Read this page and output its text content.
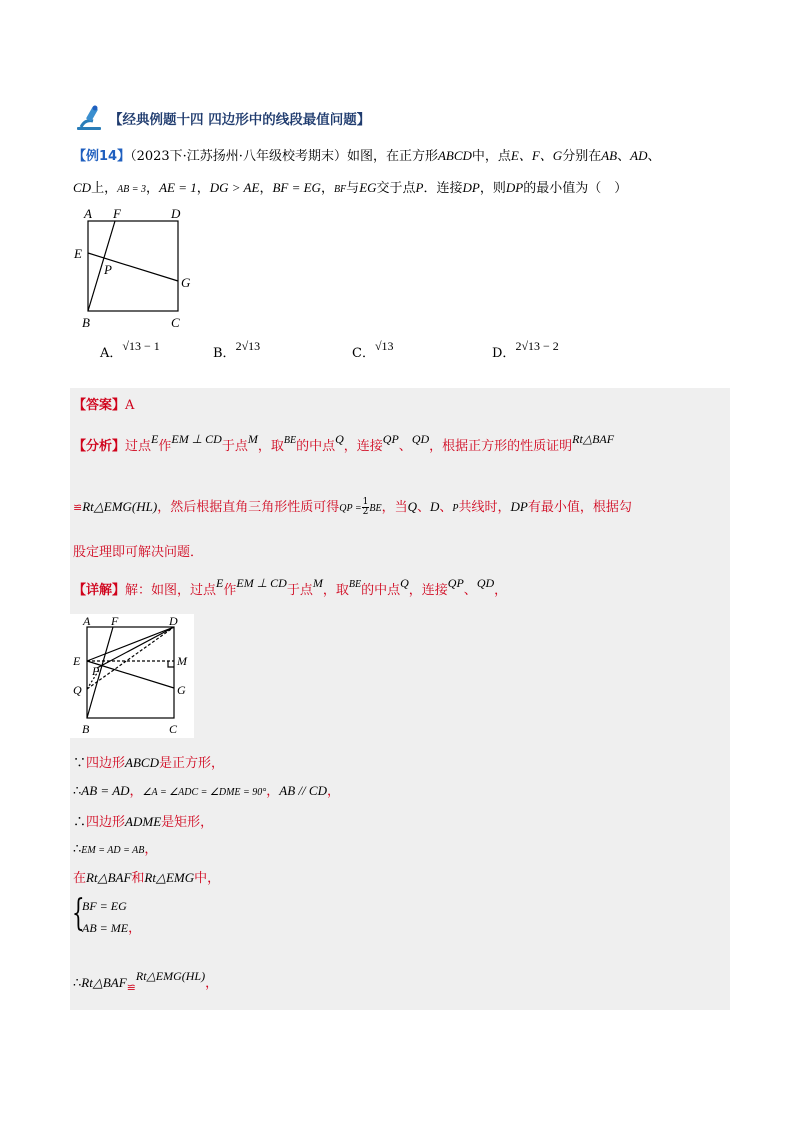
【经典例题十四 四边形中的线段最值问题】
【例14】（2023下·江苏扬州·八年级校考期末）如图，在正方形ABCD中，点E、F、G分别在AB、AD、
CD上，AB = 3，AE = 1，DG > AE，BF = EG，BF与EG交于点P．连接DP，则DP的最小值为（　）
A F	D
E
P
G
B	C
A．√13 − 1	B．2√13	C．√13	D．2√13 − 2
【答案】A
【分析】过点E作EM ⊥ CD于点M，取$^{BE}$的中点Q，连接QP、QD，根据正方形的性质证明Rt△BAF
≌Rt△EMG(HL)，然后根据直角三角形性质可得QP = $\frac{1}{2}$ BE，当Q、D、P共线时，DP有最小值，根据勾
股定理即可解决问题．
【详解】解：如图，过点E作EM ⊥ CD于点M，取$^{BE}$的中点Q，连接QP、QD，
A F	D
E	M
P
Q	G
B	C
∵四边形ABCD是正方形，
∴AB = AD，∠A = ∠ADC = ∠DME = 90°，AB // CD，
∴四边形ADME是矩形，
∴EM = AD = AB，
在Rt△BAF和Rt△EMG中，
{
BF = EG
AB = ME，
$\therefore Rt\triangle BAF_≌Rt\triangle EMG(HL)$，
